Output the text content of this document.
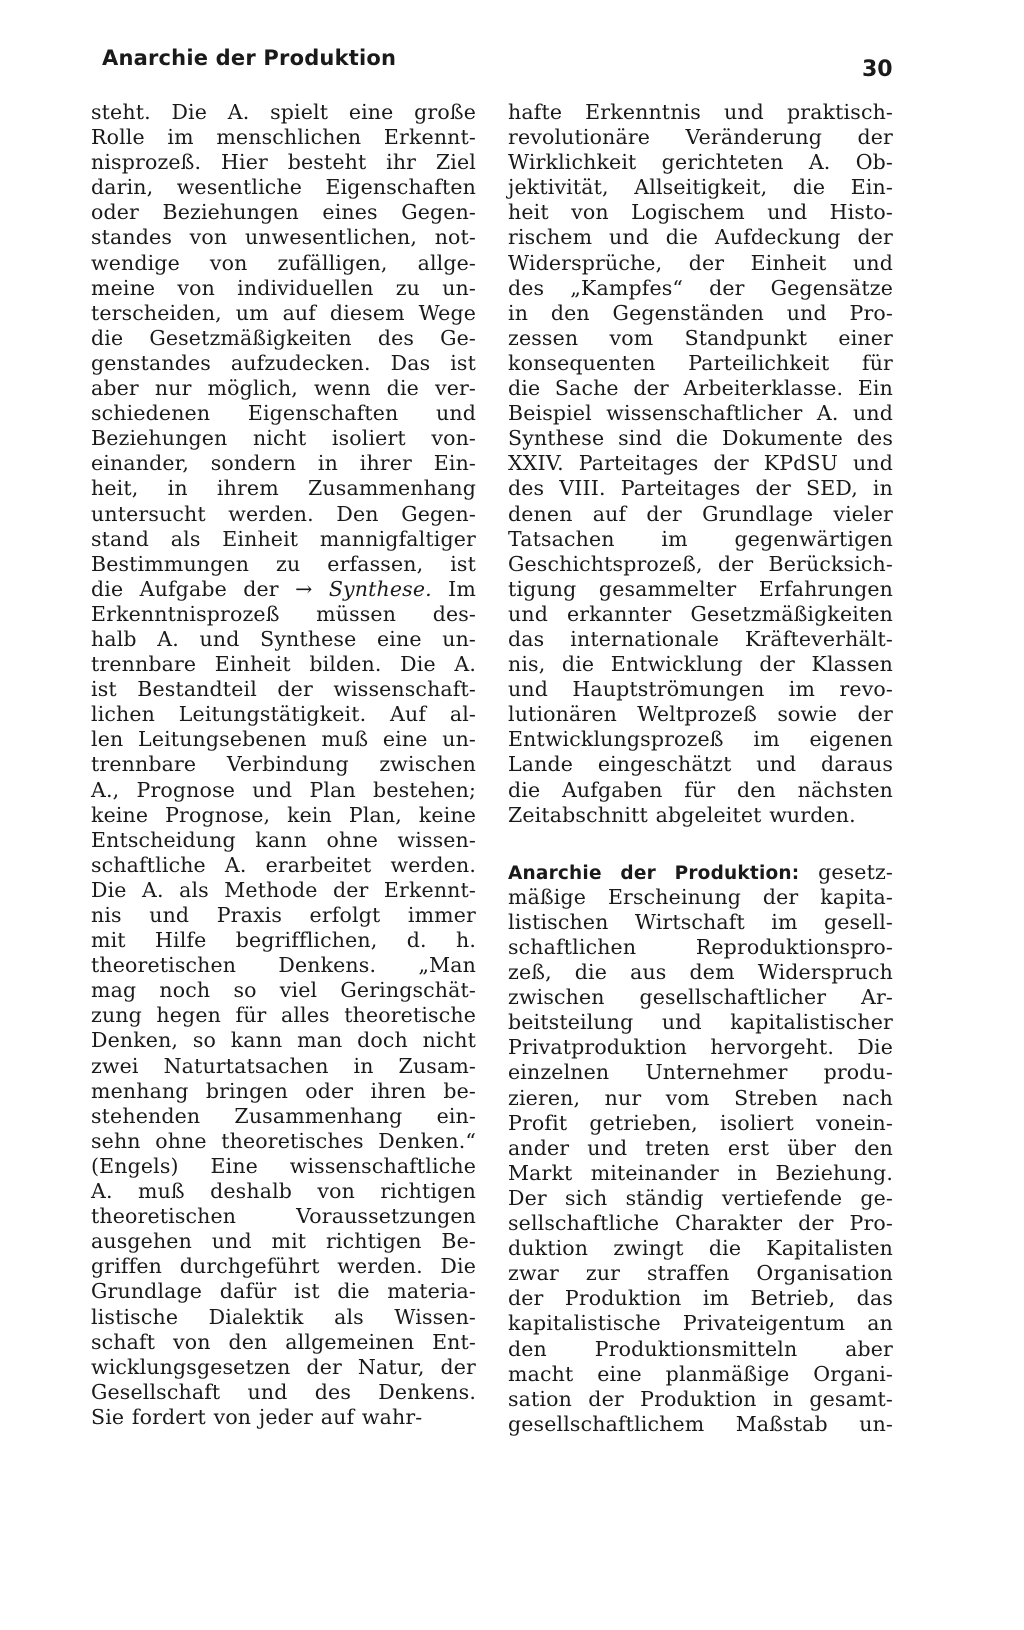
Anarchie der Produktion	30
steht. Die A. spielt eine große
Rolle im menschlichen Erkennt-
nisprozeß. Hier besteht ihr Ziel
darin, wesentliche Eigenschaften
oder Beziehungen eines Gegen-
standes von unwesentlichen, not-
wendige von zufälligen, allge-
meine von individuellen zu un-
terscheiden, um auf diesem Wege
die Gesetzmäßigkeiten des Ge-
genstandes aufzudecken. Das ist
aber nur möglich, wenn die ver-
schiedenen Eigenschaften und
Beziehungen nicht isoliert von-
einander, sondern in ihrer Ein-
heit, in ihrem Zusammenhang
untersucht werden. Den Gegen-
stand als Einheit mannigfaltiger
Bestimmungen zu erfassen, ist
die Aufgabe der → Synthese. Im
Erkenntnisprozeß müssen des-
halb A. und Synthese eine un-
trennbare Einheit bilden. Die A.
ist Bestandteil der wissenschaft-
lichen Leitungstätigkeit. Auf al-
len Leitungsebenen muß eine un-
trennbare Verbindung zwischen
A., Prognose und Plan bestehen;
keine Prognose, kein Plan, keine
Entscheidung kann ohne wissen-
schaftliche A. erarbeitet werden.
Die A. als Methode der Erkennt-
nis und Praxis erfolgt immer
mit Hilfe begrifflichen, d. h.
theoretischen Denkens. „Man
mag noch so viel Geringschät-
zung hegen für alles theoretische
Denken, so kann man doch nicht
zwei Naturtatsachen in Zusam-
menhang bringen oder ihren be-
stehenden Zusammenhang ein-
sehn ohne theoretisches Denken.“
(Engels) Eine wissenschaftliche
A. muß deshalb von richtigen
theoretischen Voraussetzungen
ausgehen und mit richtigen Be-
griffen durchgeführt werden. Die
Grundlage dafür ist die materia-
listische Dialektik als Wissen-
schaft von den allgemeinen Ent-
wicklungsgesetzen der Natur, der
Gesellschaft und des Denkens.
Sie fordert von jeder auf wahr-
hafte Erkenntnis und praktisch-
revolutionäre Veränderung der
Wirklichkeit gerichteten A. Ob-
jektivität, Allseitigkeit, die Ein-
heit von Logischem und Histo-
rischem und die Aufdeckung der
Widersprüche, der Einheit und
des „Kampfes“ der Gegensätze
in den Gegenständen und Pro-
zessen vom Standpunkt einer
konsequenten Parteilichkeit für
die Sache der Arbeiterklasse. Ein
Beispiel wissenschaftlicher A. und
Synthese sind die Dokumente des
XXIV. Parteitages der KPdSU und
des VIII. Parteitages der SED, in
denen auf der Grundlage vieler
Tatsachen im gegenwärtigen
Geschichtsprozeß, der Berücksich-
tigung gesammelter Erfahrungen
und erkannter Gesetzmäßigkeiten
das internationale Kräfteverhält-
nis, die Entwicklung der Klassen
und Hauptströmungen im revo-
lutionären Weltprozeß sowie der
Entwicklungsprozeß im eigenen
Lande eingeschätzt und daraus
die Aufgaben für den nächsten
Zeitabschnitt abgeleitet wurden.
Anarchie der Produktion: gesetz-
mäßige Erscheinung der kapita-
listischen Wirtschaft im gesell-
schaftlichen Reproduktionspro-
zeß, die aus dem Widerspruch
zwischen gesellschaftlicher Ar-
beitsteilung und kapitalistischer
Privatproduktion hervorgeht. Die
einzelnen Unternehmer produ-
zieren, nur vom Streben nach
Profit getrieben, isoliert vonein-
ander und treten erst über den
Markt miteinander in Beziehung.
Der sich ständig vertiefende ge-
sellschaftliche Charakter der Pro-
duktion zwingt die Kapitalisten
zwar zur straffen Organisation
der Produktion im Betrieb, das
kapitalistische Privateigentum an
den Produktionsmitteln aber
macht eine planmäßige Organi-
sation der Produktion in gesamt-
gesellschaftlichem Maßstab un-
